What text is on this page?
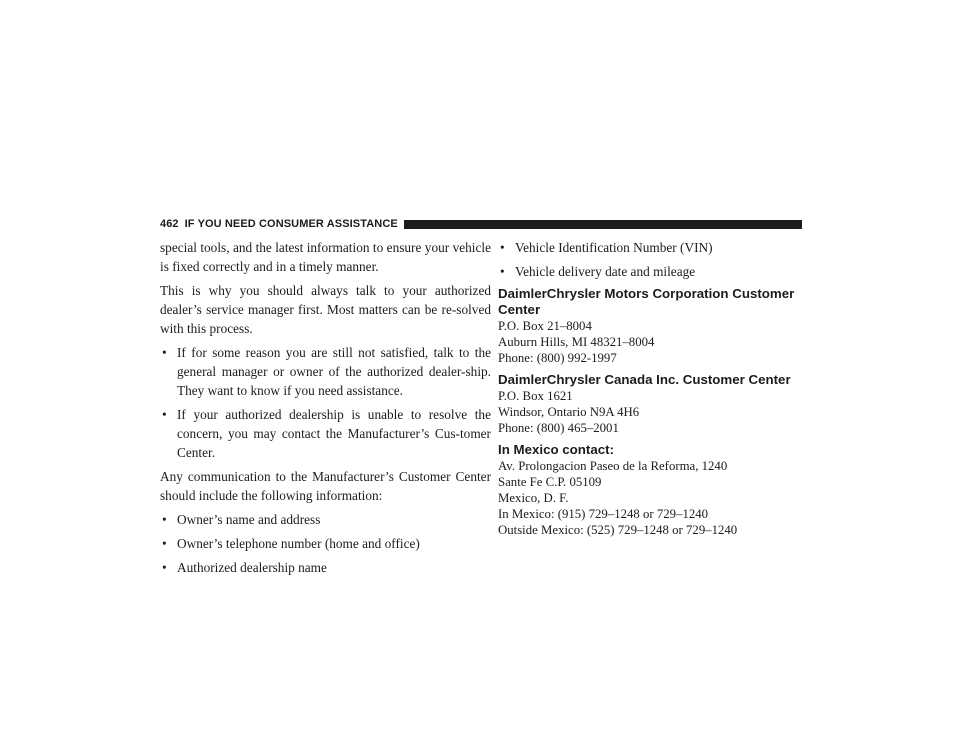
462 IF YOU NEED CONSUMER ASSISTANCE

special tools, and the latest information to ensure your vehicle is fixed correctly and in a timely manner.

This is why you should always talk to your authorized dealer’s service manager first. Most matters can be re-solved with this process.

• If for some reason you are still not satisfied, talk to the general manager or owner of the authorized dealer-ship. They want to know if you need assistance.
• If your authorized dealership is unable to resolve the concern, you may contact the Manufacturer’s Cus-tomer Center.

Any communication to the Manufacturer’s Customer Center should include the following information:

• Owner’s name and address
• Owner’s telephone number (home and office)
• Authorized dealership name
• Vehicle Identification Number (VIN)
• Vehicle delivery date and mileage

DaimlerChrysler Motors Corporation Customer Center

P.O. Box 21–8004

Auburn Hills, MI 48321–8004

Phone: (800) 992-1997

DaimlerChrysler Canada Inc. Customer Center

P.O. Box 1621

Windsor, Ontario N9A 4H6

Phone: (800) 465–2001

In Mexico contact:

Av. Prolongacion Paseo de la Reforma, 1240

Sante Fe C.P. 05109

Mexico, D. F.

In Mexico: (915) 729–1248 or 729–1240

Outside Mexico: (525) 729–1248 or 729–1240
